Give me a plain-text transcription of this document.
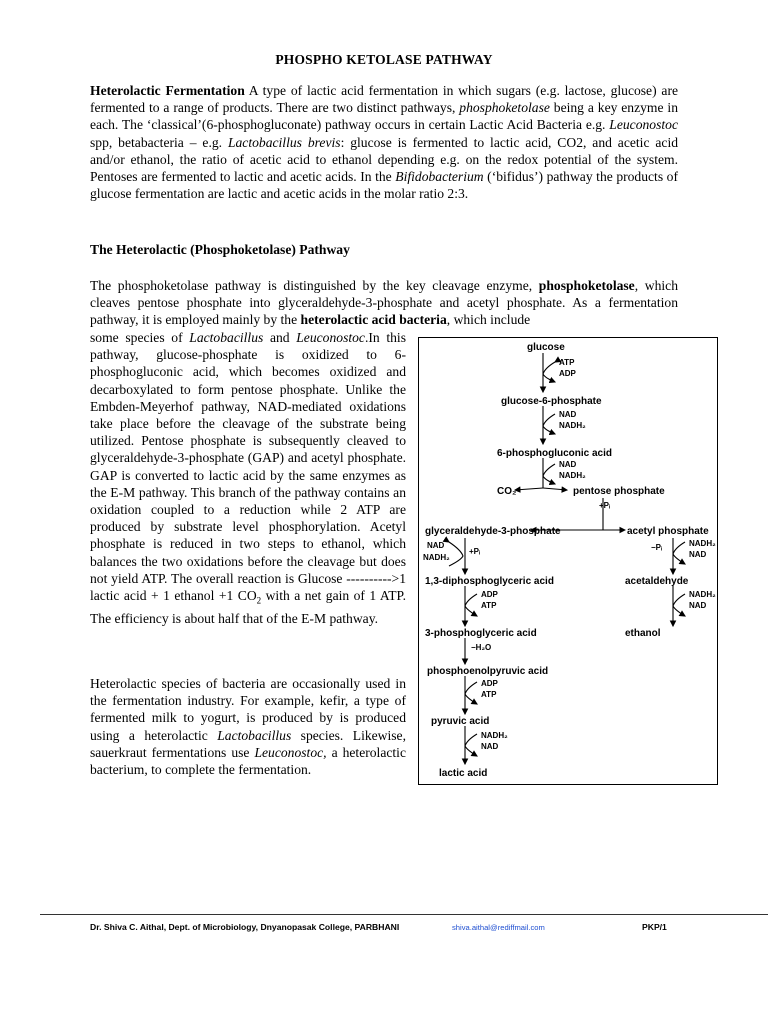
PHOSPHO KETOLASE PATHWAY

Heterolactic Fermentation A type of lactic acid fermentation in which sugars (e.g. lactose, glucose) are fermented to a range of products. There are two distinct pathways, phosphoketolase being a key enzyme in each. The ‘classical’(6-phosphogluconate) pathway occurs in certain Lactic Acid Bacteria e.g. Leuconostoc spp, betabacteria – e.g. Lactobacillus brevis: glucose is fermented to lactic acid, CO2, and acetic acid and/or ethanol, the ratio of acetic acid to ethanol depending e.g. on the redox potential of the system. Pentoses are fermented to lactic and acetic acids. In the Bifidobacterium (‘bifidus’) pathway the products of glucose fermentation are lactic and acetic acids in the molar ratio 2:3.

The Heterolactic (Phosphoketolase) Pathway

The phosphoketolase pathway is distinguished by the key cleavage enzyme, phosphoketolase, which cleaves pentose phosphate into glyceraldehyde-3-phosphate and acetyl phosphate. As a fermentation pathway, it is employed mainly by the heterolactic acid bacteria, which include

some species of Lactobacillus and Leuconostoc.In this pathway, glucose-phosphate is oxidized to 6-phosphogluconic acid, which becomes oxidized and decarboxylated to form pentose phosphate. Unlike the Embden-Meyerhof pathway, NAD-mediated oxidations take place before the cleavage of the substrate being utilized. Pentose phosphate is subsequently cleaved to glyceraldehyde-3-phosphate (GAP) and acetyl phosphate. GAP is converted to lactic acid by the same enzymes as the E-M pathway. This branch of the pathway contains an oxidation coupled to a reduction while 2 ATP are produced by substrate level phosphorylation. Acetyl phosphate is reduced in two steps to ethanol, which balances the two oxidations before the cleavage but does not yield ATP. The overall reaction is Glucose ---------->1 lactic acid + 1 ethanol +1 $CO_2$ with a net gain of 1 ATP. The efficiency is about half that of the E-M pathway.

Heterolactic species of bacteria are occasionally used in the fermentation industry. For example, kefir, a type of fermented milk to yogurt, is produced by is produced using a heterolactic Lactobacillus species. Likewise, sauerkraut fermentations use Leuconostoc, a heterolactic bacterium, to complete the fermentation.

glucose
glucose-6-phosphate
6-phosphogluconic acid
CO₂	pentose phosphate
glyceraldehyde-3-phosphate	acetyl phosphate
1,3-diphosphoglyceric acid	acetaldehyde
3-phosphoglyceric acid	ethanol
phosphoenolpyruvic acid
pyruvic acid
lactic acid
ATP
ADP
NAD
NADH₂
NAD
NADH₂
+Pᵢ
NAD
NADH₂
+Pᵢ	−Pᵢ	NADH₂
NAD
ADP
ATP
NADH₂
NAD
−H₂O
ADP
ATP
NADH₂
NAD
Dr. Shiva C. Aithal, Dept. of Microbiology, Dnyanopasak College, PARBHANI	shiva.aithal@rediffmail.com	PKP/1
